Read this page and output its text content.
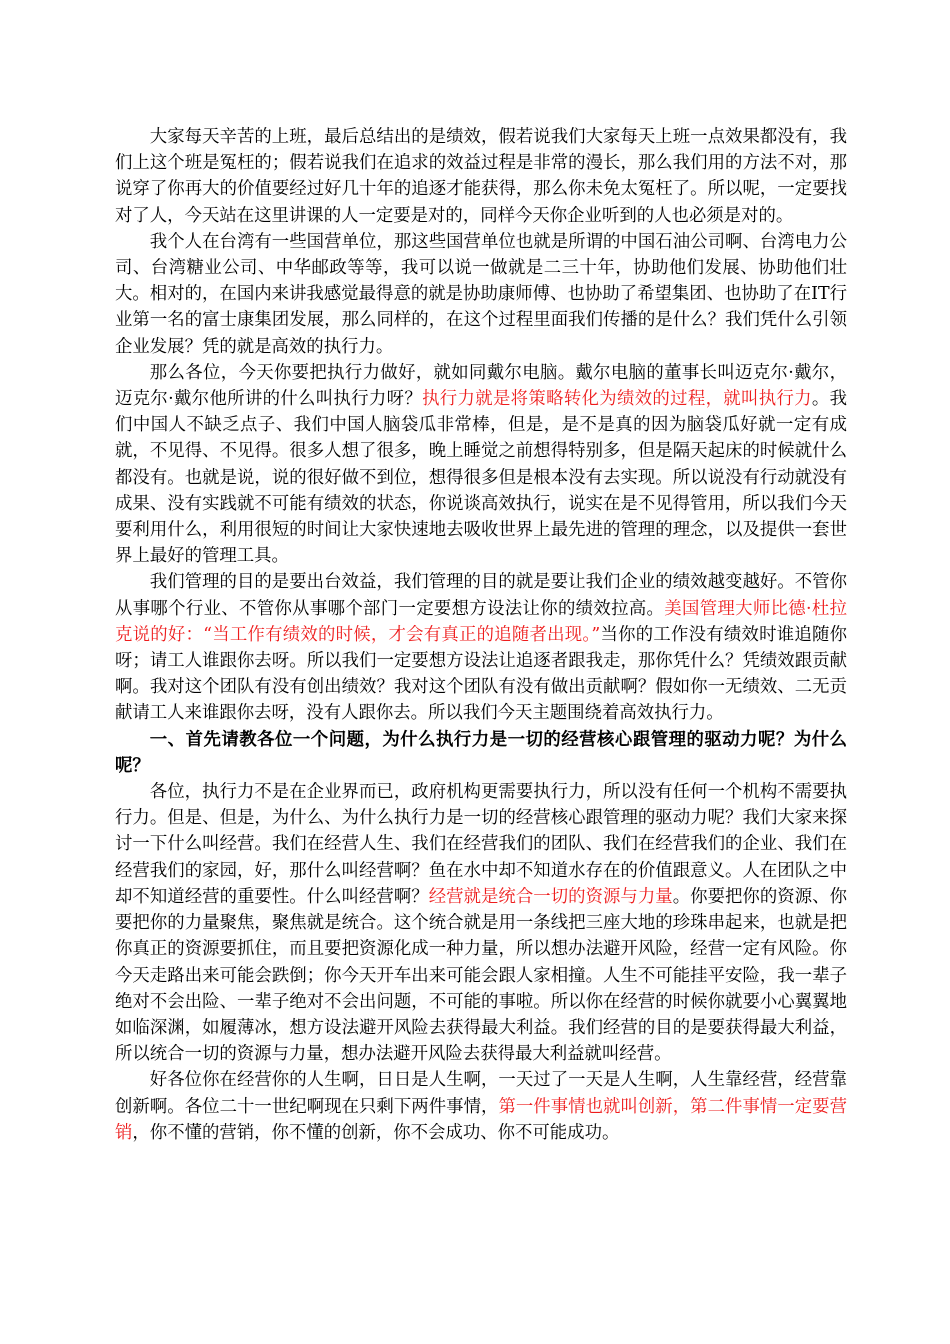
大家每天辛苦的上班，最后总结出的是绩效，假若说我们大家每天上班一点效果都没有，我们上这个班是冤枉的；假若说我们在追求的效益过程是非常的漫长，那么我们用的方法不对，那说穿了你再大的价值要经过好几十年的追逐才能获得，那么你未免太冤枉了。所以呢，一定要找对了人，今天站在这里讲课的人一定要是对的，同样今天你企业听到的人也必须是对的。

我个人在台湾有一些国营单位，那这些国营单位也就是所谓的中国石油公司啊、台湾电力公司、台湾糖业公司、中华邮政等等，我可以说一做就是二三十年，协助他们发展、协助他们壮大。相对的，在国内来讲我感觉最得意的就是协助康师傅、也协助了希望集团、也协助了在IT行业第一名的富士康集团发展，那么同样的，在这个过程里面我们传播的是什么？我们凭什么引领企业发展？凭的就是高效的执行力。

那么各位，今天你要把执行力做好，就如同戴尔电脑。戴尔电脑的董事长叫迈克尔·戴尔，迈克尔·戴尔他所讲的什么叫执行力呀？执行力就是将策略转化为绩效的过程，就叫执行力。我们中国人不缺乏点子、我们中国人脑袋瓜非常棒，但是，是不是真的因为脑袋瓜好就一定有成就，不见得、不见得。很多人想了很多，晚上睡觉之前想得特别多，但是隔天起床的时候就什么都没有。也就是说，说的很好做不到位，想得很多但是根本没有去实现。所以说没有行动就没有成果、没有实践就不可能有绩效的状态，你说谈高效执行，说实在是不见得管用，所以我们今天要利用什么，利用很短的时间让大家快速地去吸收世界上最先进的管理的理念，以及提供一套世界上最好的管理工具。

我们管理的目的是要出台效益，我们管理的目的就是要让我们企业的绩效越变越好。不管你从事哪个行业、不管你从事哪个部门一定要想方设法让你的绩效拉高。美国管理大师比德·杜拉克说的好：“当工作有绩效的时候，才会有真正的追随者出现。”当你的工作没有绩效时谁追随你呀；请工人谁跟你去呀。所以我们一定要想方设法让追逐者跟我走，那你凭什么？凭绩效跟贡献啊。我对这个团队有没有创出绩效？我对这个团队有没有做出贡献啊？假如你一无绩效、二无贡献请工人来谁跟你去呀，没有人跟你去。所以我们今天主题围绕着高效执行力。

一、首先请教各位一个问题，为什么执行力是一切的经营核心跟管理的驱动力呢？为什么呢？

各位，执行力不是在企业界而已，政府机构更需要执行力，所以没有任何一个机构不需要执行力。但是、但是，为什么、为什么执行力是一切的经营核心跟管理的驱动力呢？我们大家来探讨一下什么叫经营。我们在经营人生、我们在经营我们的团队、我们在经营我们的企业、我们在经营我们的家园，好，那什么叫经营啊？鱼在水中却不知道水存在的价值跟意义。人在团队之中却不知道经营的重要性。什么叫经营啊？经营就是统合一切的资源与力量。你要把你的资源、你要把你的力量聚焦，聚焦就是统合。这个统合就是用一条线把三座大地的珍珠串起来，也就是把你真正的资源要抓住，而且要把资源化成一种力量，所以想办法避开风险，经营一定有风险。你今天走路出来可能会跌倒；你今天开车出来可能会跟人家相撞。人生不可能挂平安险，我一辈子绝对不会出险、一辈子绝对不会出问题，不可能的事啦。所以你在经营的时候你就要小心翼翼地如临深渊，如履薄冰，想方设法避开风险去获得最大利益。我们经营的目的是要获得最大利益，所以统合一切的资源与力量，想办法避开风险去获得最大利益就叫经营。

好各位你在经营你的人生啊，日日是人生啊，一天过了一天是人生啊，人生靠经营，经营靠创新啊。各位二十一世纪啊现在只剩下两件事情，第一件事情也就叫创新，第二件事情一定要营销，你不懂的营销，你不懂的创新，你不会成功、你不可能成功。
